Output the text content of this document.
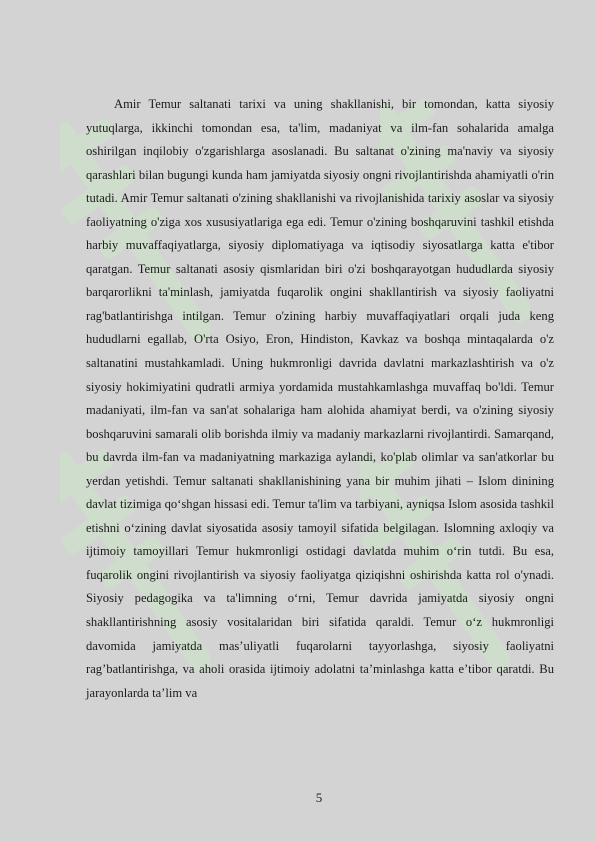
Amir Temur saltanati tarixi va uning shakllanishi, bir tomondan, katta siyosiy yutuqlarga, ikkinchi tomondan esa, ta'lim, madaniyat va ilm-fan sohalarida amalga oshirilgan inqilobiy o'zgarishlarga asoslanadi. Bu saltanat o'zining ma'naviy va siyosiy qarashlari bilan bugungi kunda ham jamiyatda siyosiy ongni rivojlantirishda ahamiyatli o'rin tutadi. Amir Temur saltanati o'zining shakllanishi va rivojlanishida tarixiy asoslar va siyosiy faoliyatning o'ziga xos xususiyatlariga ega edi. Temur o'zining boshqaruvini tashkil etishda harbiy muvaffaqiyatlarga, siyosiy diplomatiyaga va iqtisodiy siyosatlarga katta e'tibor qaratgan. Temur saltanati asosiy qismlaridan biri o'zi boshqarayotgan hududlarda siyosiy barqarorlikni ta'minlash, jamiyatda fuqarolik ongini shakllantirish va siyosiy faoliyatni rag'batlantirishga intilgan. Temur o'zining harbiy muvaffaqiyatlari orqali juda keng hududlarni egallab, O'rta Osiyo, Eron, Hindiston, Kavkaz va boshqa mintaqalarda o'z saltanatini mustahkamladi. Uning hukmronligi davrida davlatni markazlashtirish va o'z siyosiy hokimiyatini qudratli armiya yordamida mustahkamlashga muvaffaq bo'ldi. Temur madaniyati, ilm-fan va san'at sohalariga ham alohida ahamiyat berdi, va o'zining siyosiy boshqaruvini samarali olib borishda ilmiy va madaniy markazlarni rivojlantirdi. Samarqand, bu davrda ilm-fan va madaniyatning markaziga aylandi, ko'plab olimlar va san'atkorlar bu yerdan yetishdi. Temur saltanati shakllanishining yana bir muhim jihati – Islom dinining davlat tizimiga qo‘shgan hissasi edi. Temur ta'lim va tarbiyani, ayniqsa Islom asosida tashkil etishni o‘zining davlat siyosatida asosiy tamoyil sifatida belgilagan. Islomning axloqiy va ijtimoiy tamoyillari Temur hukmronligi ostidagi davlatda muhim o‘rin tutdi. Bu esa, fuqarolik ongini rivojlantirish va siyosiy faoliyatga qiziqishni oshirishda katta rol o'ynadi. Siyosiy pedagogika va ta'limning o‘rni, Temur davrida jamiyatda siyosiy ongni shakllantirishning asosiy vositalaridan biri sifatida qaraldi. Temur o‘z hukmronligi davomida jamiyatda mas’uliyatli fuqarolarni tayyorlashga, siyosiy faoliyatni rag’batlantirishga, va aholi orasida ijtimoiy adolatni ta’minlashga katta e’tibor qaratdi. Bu jarayonlarda ta’lim va

5
